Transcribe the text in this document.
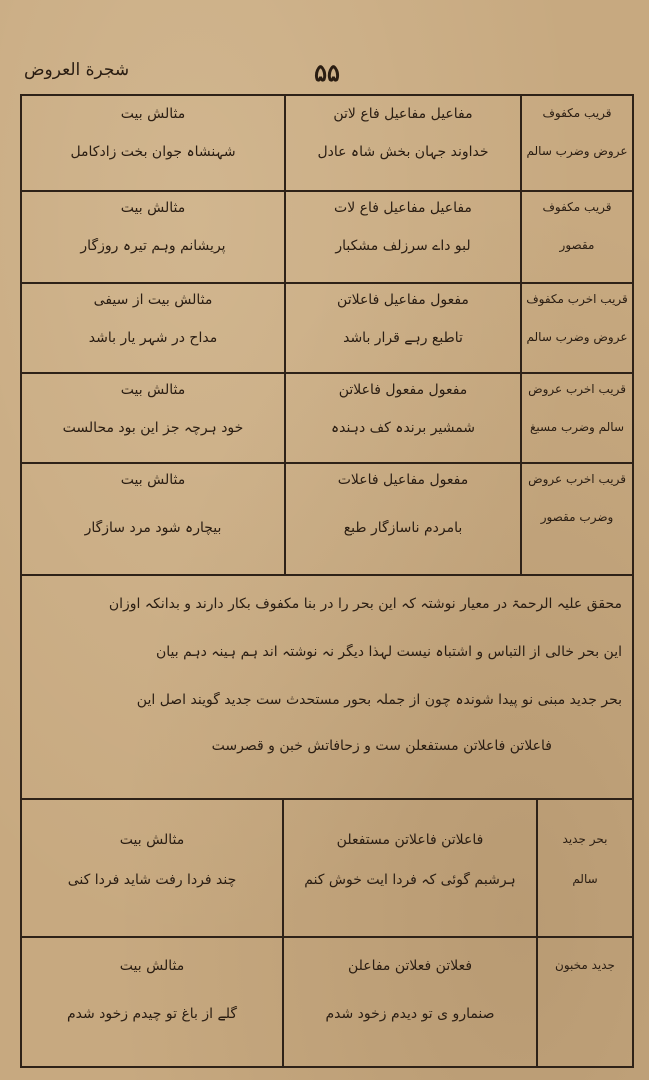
شجرة العروض	۵۵
قریب مکفوف
عروض وضرب سالم
مفاعیل مفاعیل فاع لاتن
خداوند جہان بخش شاہ عادل
مثالش بیت
شہنشاہ جوان بخت زادکامل
قریب مکفوف
مقصور
مفاعیل مفاعیل فاع لات
لبو داے سرزلف مشکبار
مثالش بیت
پریشانم وہم تیرہ روزگار
قریب اخرب مکفوف
عروض وضرب سالم
مفعول مفاعیل فاعلاتن
تاطبع رہے قرار باشد
مثالش بیت از سیفی
مداح در شہر یار باشد
قریب اخرب عروض
سالم وضرب مسبغ
مفعول مفعول فاعلاتن
شمشیر برندہ کف دہندہ
مثالش بیت
خود ہرچہ جز این بود محالست
قریب اخرب عروض
وضرب مقصور
مفعول مفاعیل فاعلات
بامردم ناسازگار طبع
مثالش بیت
بیچارہ شود مرد سازگار
محقق علیہ الرحمۃ در معیار نوشتہ کہ این بحر را در بنا مکفوف بکار دارند و بدانکہ اوزان
این بحر خالی از التباس و اشتباہ نیست لہذا دیگر نہ نوشتہ اند ہم ہینہ دہم بیان
بحر جدید مبنی نو پیدا شوندہ چون از جملہ بحور مستحدث ست جدید گویند اصل این
فاعلاتن فاعلاتن مستفعلن ست و زحافاتش خبن و قصرست
بحر جدید
سالم
فاعلاتن فاعلاتن مستفعلن
ہرشبم گوئی کہ فردا ایت خوش کنم
مثالش بیت
چند فردا رفت شاید فردا کنی
جدید مخبون
فعلاتن فعلاتن مفاعلن
صنمارو ی تو دیدم زخود شدم
مثالش بیت
گلے از باغ تو چیدم زخود شدم
